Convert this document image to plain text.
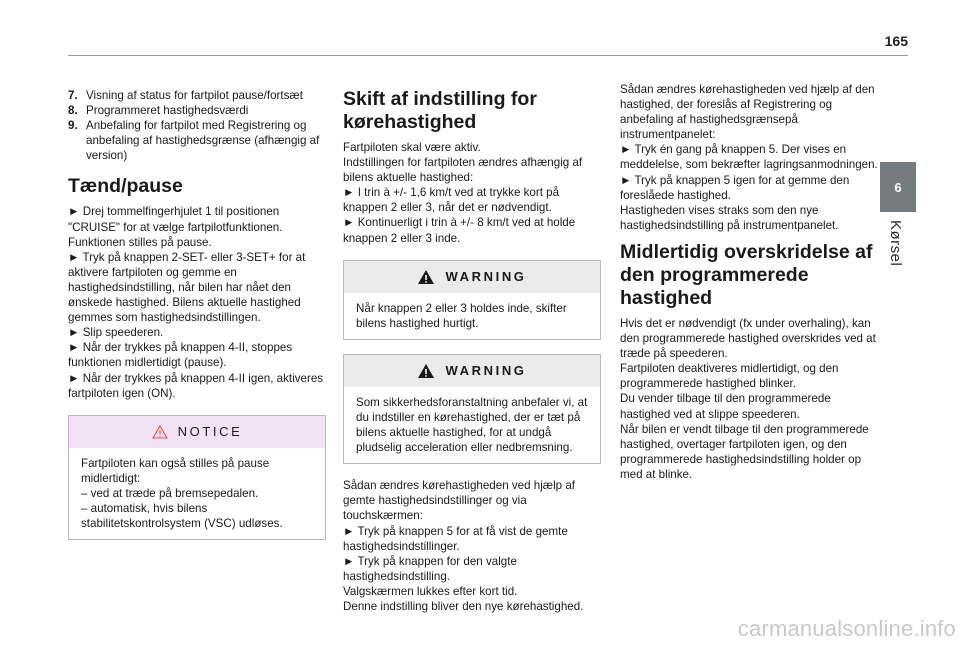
165
6
Kørsel
7. Visning af status for fartpilot pause/fortsæt
8. Programmeret hastighedsværdi
9. Anbefaling for fartpilot med Registrering og anbefaling af hastighedsgrænse (afhængig af version)
Tænd/pause

► Drej tommelfingerhjulet 1 til positionen "CRUISE" for at vælge fartpilotfunktionen.

Funktionen stilles på pause.

► Tryk på knappen 2-SET- eller 3-SET+ for at aktivere fartpiloten og gemme en hastighedsindstilling, når bilen har nået den ønskede hastighed. Bilens aktuelle hastighed gemmes som hastighedsindstillingen.

► Slip speederen.

► Når der trykkes på knappen 4-II, stoppes funktionen midlertidigt (pause).

► Når der trykkes på knappen 4-II igen, aktiveres fartpiloten igen (ON).

NOTICE

Fartpiloten kan også stilles på pause midlertidigt:

– ved at træde på bremsepedalen.

– automatisk, hvis bilens stabilitetskontrolsystem (VSC) udløses.

Skift af indstilling for kørehastighed

Fartpiloten skal være aktiv.

Indstillingen for fartpiloten ændres afhængig af bilens aktuelle hastighed:

► I trin à +/- 1,6 km/t ved at trykke kort på knappen 2 eller 3, når det er nødvendigt.

► Kontinuerligt i trin à +/- 8 km/t ved at holde knappen 2 eller 3 inde.

WARNING

Når knappen 2 eller 3 holdes inde, skifter bilens hastighed hurtigt.

WARNING

Som sikkerhedsforanstaltning anbefaler vi, at du indstiller en kørehastighed, der er tæt på bilens aktuelle hastighed, for at undgå pludselig acceleration eller nedbremsning.

Sådan ændres kørehastigheden ved hjælp af gemte hastighedsindstillinger og via touchskærmen:

► Tryk på knappen 5 for at få vist de gemte hastighedsindstillinger.

► Tryk på knappen for den valgte hastighedsindstilling.

Valgskærmen lukkes efter kort tid.

Denne indstilling bliver den nye kørehastighed.

Sådan ændres kørehastigheden ved hjælp af den hastighed, der foreslås af Registrering og anbefaling af hastighedsgrænsepå instrumentpanelet:

► Tryk én gang på knappen 5. Der vises en meddelelse, som bekræfter lagringsanmodningen.

► Tryk på knappen 5 igen for at gemme den foreslåede hastighed.

Hastigheden vises straks som den nye hastighedsindstilling på instrumentpanelet.

Midlertidig overskridelse af den programmerede hastighed

Hvis det er nødvendigt (fx under overhaling), kan den programmerede hastighed overskrides ved at træde på speederen.

Fartpiloten deaktiveres midlertidigt, og den programmerede hastighed blinker.

Du vender tilbage til den programmerede hastighed ved at slippe speederen.

Når bilen er vendt tilbage til den programmerede hastighed, overtager fartpiloten igen, og den programmerede hastighedsindstilling holder op med at blinke.

carmanualsonline.info
